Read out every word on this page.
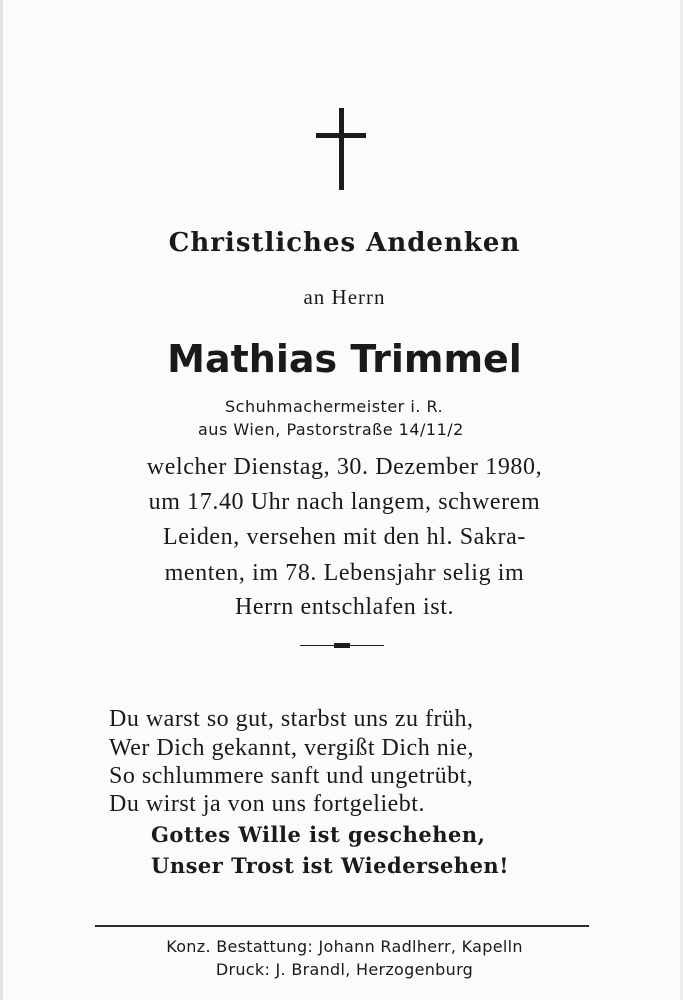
Christliches Andenken
an Herrn
Mathias Trimmel
Schuhmachermeister i. R.
aus Wien, Pastorstraße 14/11/2
welcher Dienstag, 30. Dezember 1980,
um 17.40 Uhr nach langem, schwerem
Leiden, versehen mit den hl. Sakra-
menten, im 78. Lebensjahr selig im
Herrn entschlafen ist.
Du warst so gut, starbst uns zu früh,
Wer Dich gekannt, vergißt Dich nie,
So schlummere sanft und ungetrübt,
Du wirst ja von uns fortgeliebt.
Gottes Wille ist geschehen,
Unser Trost ist Wiedersehen!
Konz. Bestattung: Johann Radlherr, Kapelln
Druck: J. Brandl, Herzogenburg
